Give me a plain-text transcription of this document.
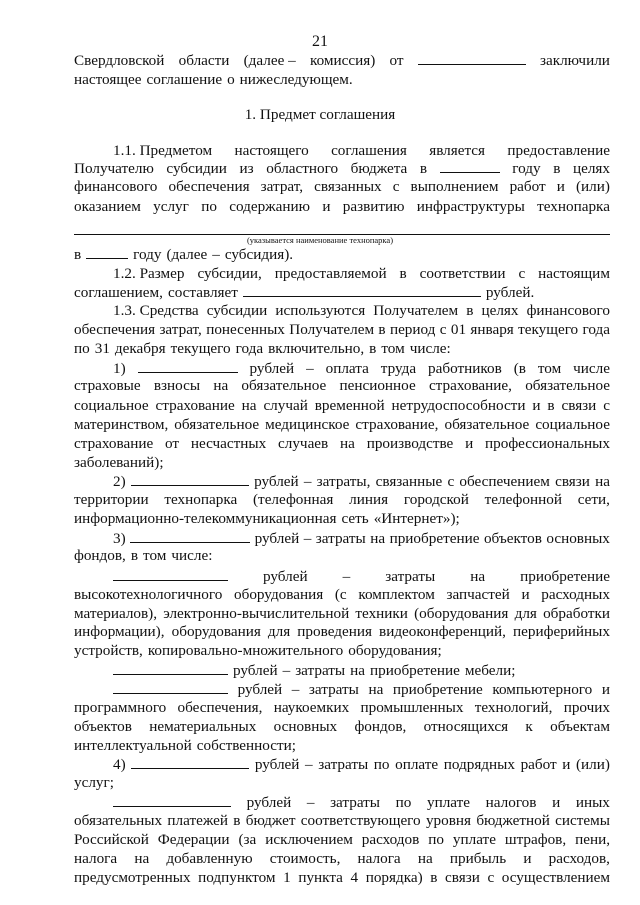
21
Свердловской области (далее – комиссия) от	заключили
настоящее соглашение о нижеследующем.
1. Предмет соглашения
1.1. Предметом настоящего соглашения является предоставление
Получателю субсидии из областного бюджета в	году в целях
финансового обеспечения затрат, связанных с выполнением работ и (или)
оказанием услуг по содержанию и развитию инфраструктуры технопарка
в	году (далее – субсидия).
1.2. Размер субсидии, предоставляемой в соответствии с настоящим
соглашением, составляет	рублей.
1.3. Средства субсидии используются Получателем в целях финансового
обеспечения затрат, понесенных Получателем в период с 01 января текущего года
по 31 декабря текущего года включительно, в том числе:
1)	рублей – оплата труда работников (в том числе
страховые взносы на обязательное пенсионное страхование, обязательное
социальное страхование на случай временной нетрудоспособности и в связи с
материнством, обязательное медицинское страхование, обязательное социальное
страхование от несчастных случаев на производстве и профессиональных
заболеваний);
2)	рублей – затраты, связанные с обеспечением связи на
территории технопарка (телефонная линия городской телефонной сети,
информационно-телекоммуникационная сеть «Интернет»);
3)	рублей – затраты на приобретение объектов основных
фондов, в том числе:
рублей – затраты на приобретение
высокотехнологичного оборудования (с комплектом запчастей и расходных
материалов), электронно-вычислительной техники (оборудования для обработки
информации), оборудования для проведения видеоконференций, периферийных
устройств, копировально-множительного оборудования;
рублей – затраты на приобретение мебели;
рублей – затраты на приобретение компьютерного и
программного обеспечения, наукоемких промышленных технологий, прочих
объектов нематериальных основных фондов, относящихся к объектам
интеллектуальной собственности;
4)	рублей – затраты по оплате подрядных работ и (или)
услуг;
рублей – затраты по уплате налогов и иных
обязательных платежей в бюджет соответствующего уровня бюджетной системы
Российской Федерации (за исключением расходов по уплате штрафов, пени,
налога на добавленную стоимость, налога на прибыль и расходов,
предусмотренных подпунктом 1 пункта 4 порядка) в связи с осуществлением
(указывается наименование технопарка)
